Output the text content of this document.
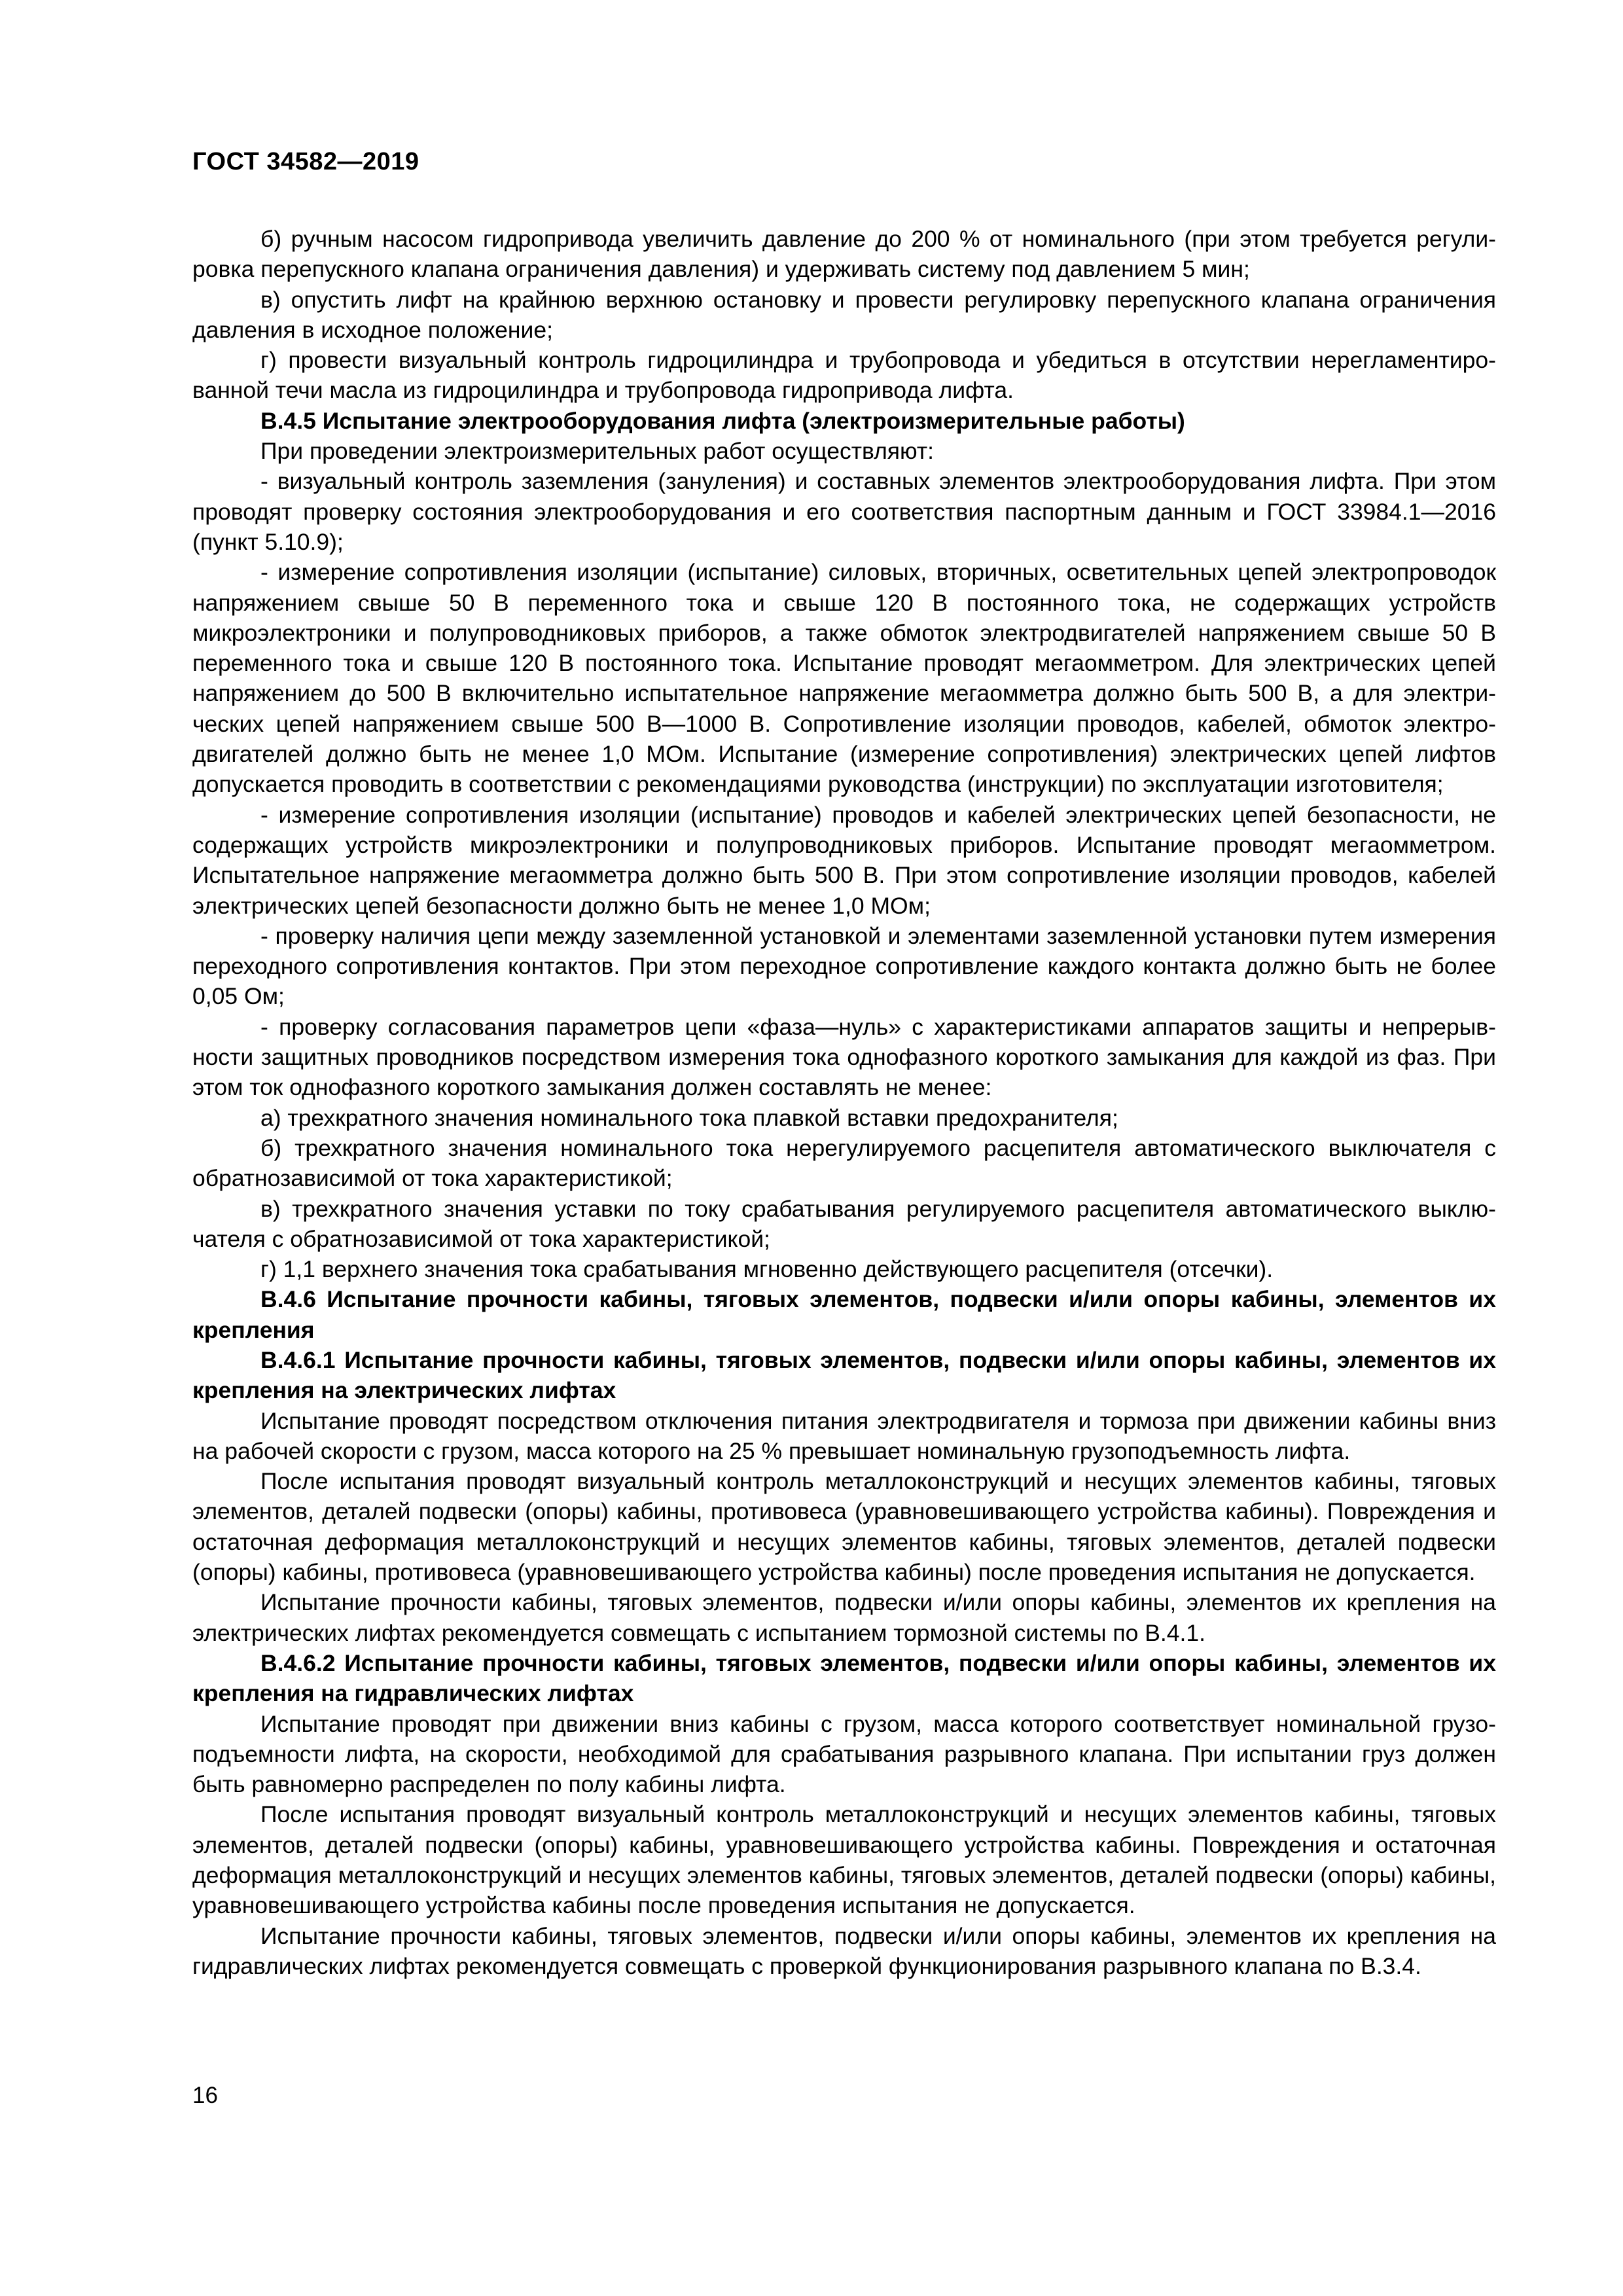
ГОСТ 34582—2019

б) ручным насосом гидропривода увеличить давление до 200 % от номинального (при этом требуется регулировка перепускного клапана ограничения давления) и удерживать систему под давлением 5 мин;

в) опустить лифт на крайнюю верхнюю остановку и провести регулировку перепускного клапана ограничения давления в исходное положение;

г) провести визуальный контроль гидроцилиндра и трубопровода и убедиться в отсутствии нерегламентированной течи масла из гидроцилиндра и трубопровода гидропривода лифта.

В.4.5 Испытание электрооборудования лифта (электроизмерительные работы)

При проведении электроизмерительных работ осуществляют:

- визуальный контроль заземления (зануления) и составных элементов электрооборудования лифта. При этом проводят проверку состояния электрооборудования и его соответствия паспортным данным и ГОСТ 33984.1—2016 (пункт 5.10.9);

- измерение сопротивления изоляции (испытание) силовых, вторичных, осветительных цепей электропроводок напряжением свыше 50 В переменного тока и свыше 120 В постоянного тока, не содержащих устройств микроэлектроники и полупроводниковых приборов, а также обмоток электродвигателей напряжением свыше 50 В переменного тока и свыше 120 В постоянного тока. Испытание проводят мегаомметром. Для электрических цепей напряжением до 500 В включительно испытательное напряжение мегаомметра должно быть 500 В, а для электрических цепей напряжением свыше 500 В—1000 В. Сопротивление изоляции проводов, кабелей, обмоток электродвигателей должно быть не менее 1,0 МОм. Испытание (измерение сопротивления) электрических цепей лифтов допускается проводить в соответствии с рекомендациями руководства (инструкции) по эксплуатации изготовителя;

- измерение сопротивления изоляции (испытание) проводов и кабелей электрических цепей безопасности, не содержащих устройств микроэлектроники и полупроводниковых приборов. Испытание проводят мегаомметром. Испытательное напряжение мегаомметра должно быть 500 В. При этом сопротивление изоляции проводов, кабелей электрических цепей безопасности должно быть не менее 1,0 МОм;

- проверку наличия цепи между заземленной установкой и элементами заземленной установки путем измерения переходного сопротивления контактов. При этом переходное сопротивление каждого контакта должно быть не более 0,05 Ом;

- проверку согласования параметров цепи «фаза—нуль» с характеристиками аппаратов защиты и непрерывности защитных проводников посредством измерения тока однофазного короткого замыкания для каждой из фаз. При этом ток однофазного короткого замыкания должен составлять не менее:

а) трехкратного значения номинального тока плавкой вставки предохранителя;

б) трехкратного значения номинального тока нерегулируемого расцепителя автоматического выключателя с обратнозависимой от тока характеристикой;

в) трехкратного значения уставки по току срабатывания регулируемого расцепителя автоматического выключателя с обратнозависимой от тока характеристикой;

г) 1,1 верхнего значения тока срабатывания мгновенно действующего расцепителя (отсечки).

В.4.6 Испытание прочности кабины, тяговых элементов, подвески и/или опоры кабины, элементов их крепления

В.4.6.1 Испытание прочности кабины, тяговых элементов, подвески и/или опоры кабины, элементов их крепления на электрических лифтах

Испытание проводят посредством отключения питания электродвигателя и тормоза при движении кабины вниз на рабочей скорости с грузом, масса которого на 25 % превышает номинальную грузоподъемность лифта.

После испытания проводят визуальный контроль металлоконструкций и несущих элементов кабины, тяговых элементов, деталей подвески (опоры) кабины, противовеса (уравновешивающего устройства кабины). Повреждения и остаточная деформация металлоконструкций и несущих элементов кабины, тяговых элементов, деталей подвески (опоры) кабины, противовеса (уравновешивающего устройства кабины) после проведения испытания не допускается.

Испытание прочности кабины, тяговых элементов, подвески и/или опоры кабины, элементов их крепления на электрических лифтах рекомендуется совмещать с испытанием тормозной системы по В.4.1.

В.4.6.2 Испытание прочности кабины, тяговых элементов, подвески и/или опоры кабины, элементов их крепления на гидравлических лифтах

Испытание проводят при движении вниз кабины с грузом, масса которого соответствует номинальной грузоподъемности лифта, на скорости, необходимой для срабатывания разрывного клапана. При испытании груз должен быть равномерно распределен по полу кабины лифта.

После испытания проводят визуальный контроль металлоконструкций и несущих элементов кабины, тяговых элементов, деталей подвески (опоры) кабины, уравновешивающего устройства кабины. Повреждения и остаточная деформация металлоконструкций и несущих элементов кабины, тяговых элементов, деталей подвески (опоры) кабины, уравновешивающего устройства кабины после проведения испытания не допускается.

Испытание прочности кабины, тяговых элементов, подвески и/или опоры кабины, элементов их крепления на гидравлических лифтах рекомендуется совмещать с проверкой функционирования разрывного клапана по В.3.4.

16
